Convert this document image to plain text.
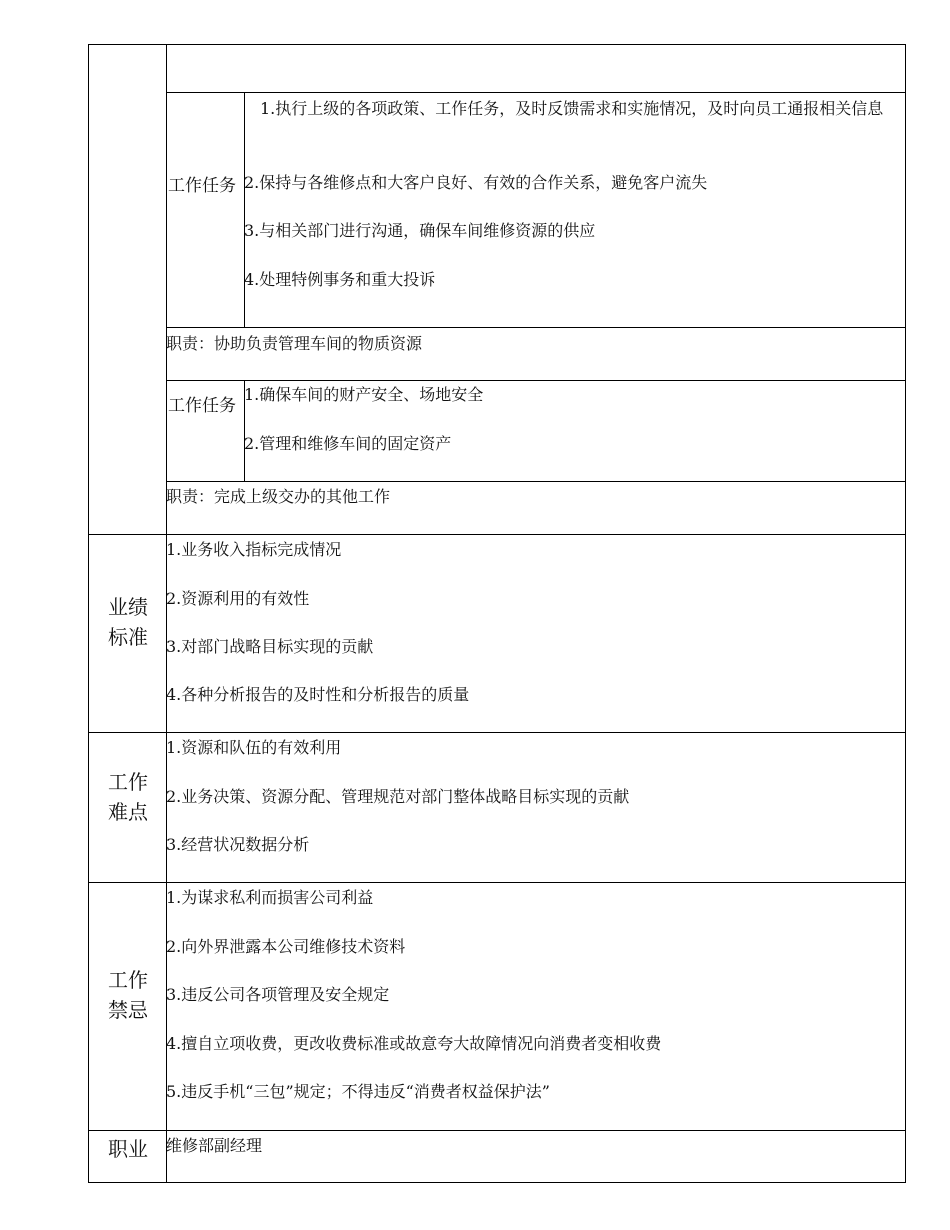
工作任务
1.执行上级的各项政策、工作任务，及时反馈需求和实施情况，及时向员工通报相关信息
2.保持与各维修点和大客户良好、有效的合作关系，避免客户流失
3.与相关部门进行沟通，确保车间维修资源的供应
4.处理特例事务和重大投诉
职责：协助负责管理车间的物质资源
工作任务
1.确保车间的财产安全、场地安全
2.管理和维修车间的固定资产
职责：完成上级交办的其他工作
业绩标准
1.业务收入指标完成情况
2.资源利用的有效性
3.对部门战略目标实现的贡献
4.各种分析报告的及时性和分析报告的质量
工作难点
1.资源和队伍的有效利用
2.业务决策、资源分配、管理规范对部门整体战略目标实现的贡献
3.经营状况数据分析
工作禁忌
1.为谋求私利而损害公司利益
2.向外界泄露本公司维修技术资料
3.违反公司各项管理及安全规定
4.擅自立项收费，更改收费标准或故意夸大故障情况向消费者变相收费
5.违反手机“三包”规定；不得违反“消费者权益保护法”
职业	维修部副经理
